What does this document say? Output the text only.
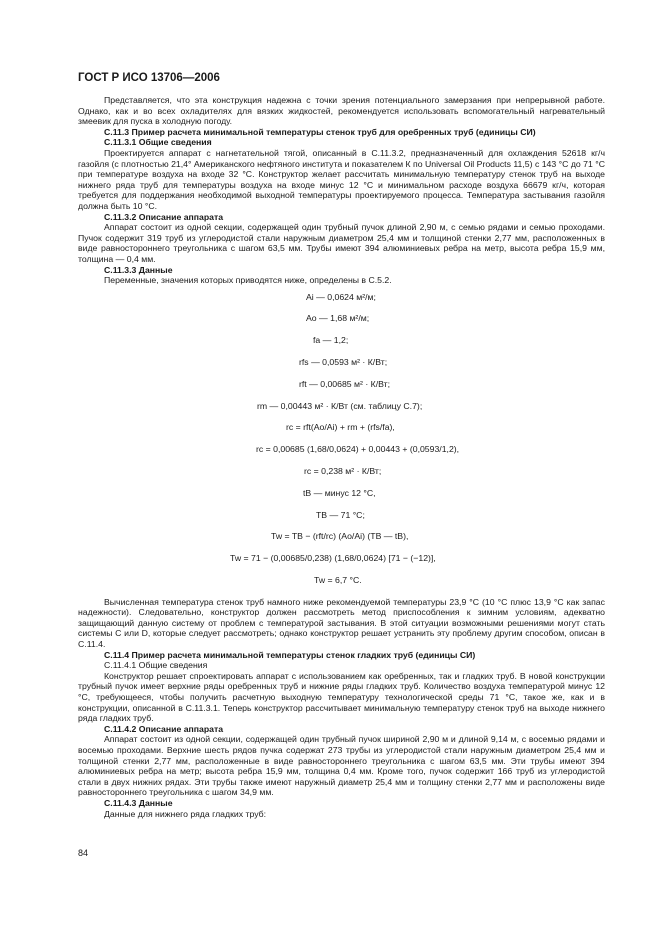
ГОСТ Р ИСО 13706—2006

Представляется, что эта конструкция надежна с точки зрения потенциального замерзания при непрерывной работе. Однако, как и во всех охладителях для вязких жидкостей, рекомендуется использовать вспомогательный нагревательный змеевик для пуска в холодную погоду.

С.11.3 Пример расчета минимальной температуры стенок труб для оребренных труб (единицы СИ)
С.11.3.1 Общие сведения

Проектируется аппарат с нагнетательной тягой, описанный в С.11.3.2, предназначенный для охлаждения 52618 кг/ч газойля (с плотностью 21,4° Американского нефтяного института и показателем К по Universal Oil Products 11,5) с 143 °С до 71 °С при температуре воздуха на входе 32 °С. Конструктор желает рассчитать минимальную температуру стенок труб на выходе нижнего ряда труб для температуры воздуха на входе минус 12 °С и минимальном расходе воздуха 66679 кг/ч, которая требуется для поддержания необходимой выходной температуры проектируемого процесса. Температура застывания газойля должна быть 10 °С.

С.11.3.2 Описание аппарата

Аппарат состоит из одной секции, содержащей один трубный пучок длиной 2,90 м, с семью рядами и семью проходами. Пучок содержит 319 труб из углеродистой стали наружным диаметром 25,4 мм и толщиной стенки 2,77 мм, расположенных в виде равностороннего треугольника с шагом 63,5 мм. Трубы имеют 394 алюминиевых ребра на метр, высота ребра 15,9 мм, толщина — 0,4 мм.

С.11.3.3 Данные

Переменные, значения которых приводятся ниже, определены в С.5.2.

Ai — 0,0624 м²/м;
Ao — 1,68 м²/м;
fa — 1,2;
rfs — 0,0593 м² · К/Вт;
rft — 0,00685 м² · К/Вт;
rm — 0,00443 м² · К/Вт (см. таблицу С.7);
rc = rft(Ao/Ai) + rm + (rfs/fa),
rc = 0,00685 (1,68/0,0624) + 0,00443 + (0,0593/1,2),
rc = 0,238 м² · К/Вт;
tB — минус 12 °С,
TB — 71 °С;
Tw = TB − (rft/rc) (Ao/Ai) (TB — tB),
Tw = 71 − (0,00685/0,238) (1,68/0,0624) [71 − (−12)],
Tw = 6,7 °С.

Вычисленная температура стенок труб намного ниже рекомендуемой температуры 23,9 °С (10 °С плюс 13,9 °С как запас надежности). Следовательно, конструктор должен рассмотреть метод приспособления к зимним условиям, адекватно защищающий данную систему от проблем с температурой застывания. В этой ситуации возможными решениями могут стать системы С или D, которые следует рассмотреть; однако конструктор решает устранить эту проблему другим способом, описан в С.11.4.

С.11.4 Пример расчета минимальной температуры стенок гладких труб (единицы СИ)
С.11.4.1 Общие сведения

Конструктор решает спроектировать аппарат с использованием как оребренных, так и гладких труб. В новой конструкции трубный пучок имеет верхние ряды оребренных труб и нижние ряды гладких труб. Количество воздуха температурой минус 12 °С, требующееся, чтобы получить расчетную выходную температуру технологической среды 71 °С, такое же, как и в конструкции, описанной в С.11.3.1. Теперь конструктор рассчитывает минимальную температуру стенок труб на выходе нижнего ряда гладких труб.

С.11.4.2 Описание аппарата

Аппарат состоит из одной секции, содержащей один трубный пучок шириной 2,90 м и длиной 9,14 м, с восемью рядами и восемью проходами. Верхние шесть рядов пучка содержат 273 трубы из углеродистой стали наружным диаметром 25,4 мм и толщиной стенки 2,77 мм, расположенные в виде равностороннего треугольника с шагом 63,5 мм. Эти трубы имеют 394 алюминиевых ребра на метр; высота ребра 15,9 мм, толщина 0,4 мм. Кроме того, пучок содержит 166 труб из углеродистой стали в двух нижних рядах. Эти трубы также имеют наружный диаметр 25,4 мм и толщину стенки 2,77 мм и расположены виде равностороннего треугольника с шагом 34,9 мм.

С.11.4.3 Данные

Данные для нижнего ряда гладких труб:

84
